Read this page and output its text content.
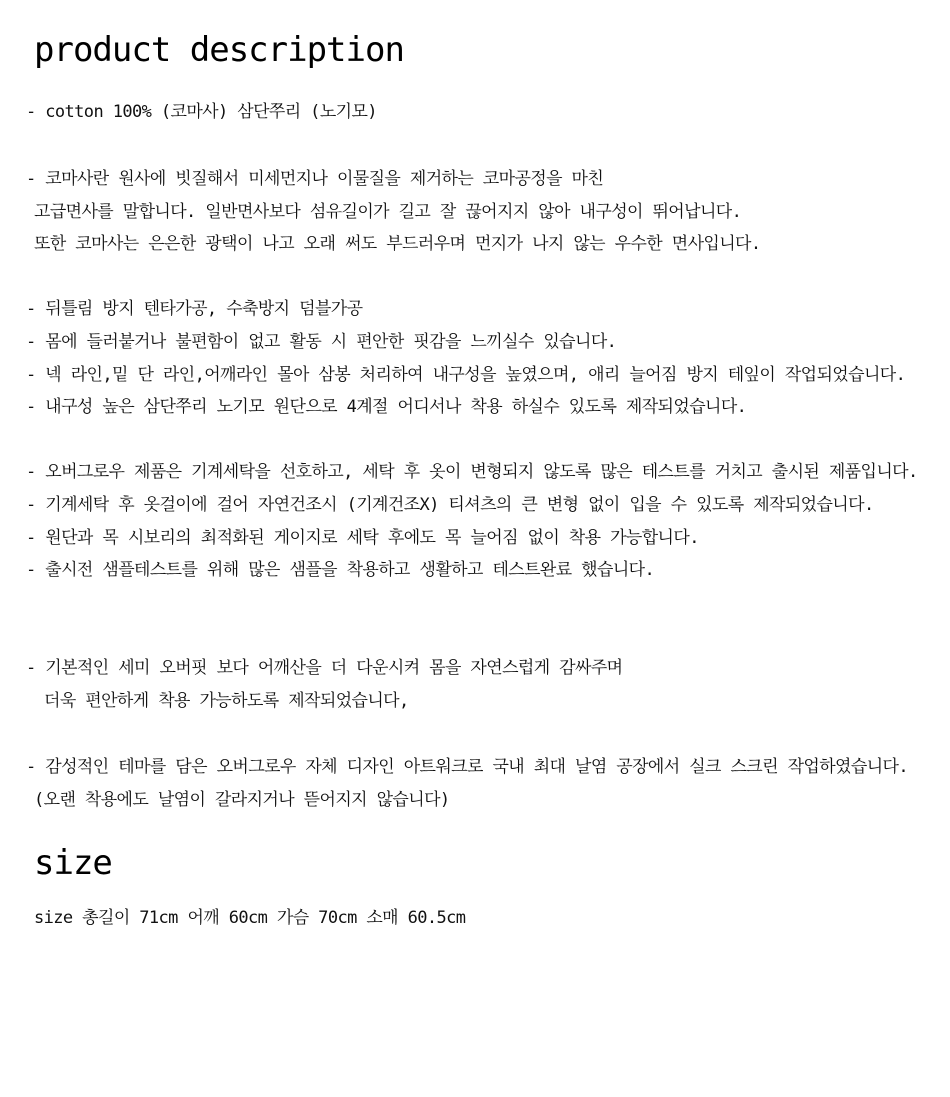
product description

- cotton 100% (코마사) 삼단쭈리 (노기모)

- 코마사란 원사에 빗질해서 미세먼지나 이물질을 제거하는 코마공정을 마친

고급면사를 말합니다. 일반면사보다 섬유길이가 길고 잘 끊어지지 않아 내구성이 뛰어납니다.

또한 코마사는 은은한 광택이 나고 오래 써도 부드러우며 먼지가 나지 않는 우수한 면사입니다.

- 뒤틀림 방지 텐타가공, 수축방지 덤블가공

- 몸에 들러붙거나 불편함이 없고 활동 시 편안한 핏감을 느끼실수 있습니다.

- 넥 라인,밑 단 라인,어깨라인 몰아 삼봉 처리하여 내구성을 높였으며, 애리 늘어짐 방지 테잎이 작업되었습니다.

- 내구성 높은 삼단쭈리 노기모 원단으로 4계절 어디서나 착용 하실수 있도록 제작되었습니다.

- 오버그로우 제품은 기계세탁을 선호하고, 세탁 후 옷이 변형되지 않도록 많은 테스트를 거치고 출시된 제품입니다.

- 기계세탁 후 옷걸이에 걸어 자연건조시 (기계건조X) 티셔츠의 큰 변형 없이 입을 수 있도록 제작되었습니다.

- 원단과 목 시보리의 최적화된 게이지로 세탁 후에도 목 늘어짐 없이 착용 가능합니다.

- 출시전 샘플테스트를 위해 많은 샘플을 착용하고 생활하고 테스트완료 했습니다.

- 기본적인 세미 오버핏 보다 어깨산을 더 다운시켜 몸을 자연스럽게 감싸주며

더욱 편안하게 착용 가능하도록 제작되었습니다,

- 감성적인 테마를 담은 오버그로우 자체 디자인 아트워크로 국내 최대 날염 공장에서 실크 스크린 작업하였습니다.

(오랜 착용에도 날염이 갈라지거나 뜯어지지 않습니다)

size

size 총길이 71cm 어깨 60cm 가슴 70cm 소매 60.5cm
